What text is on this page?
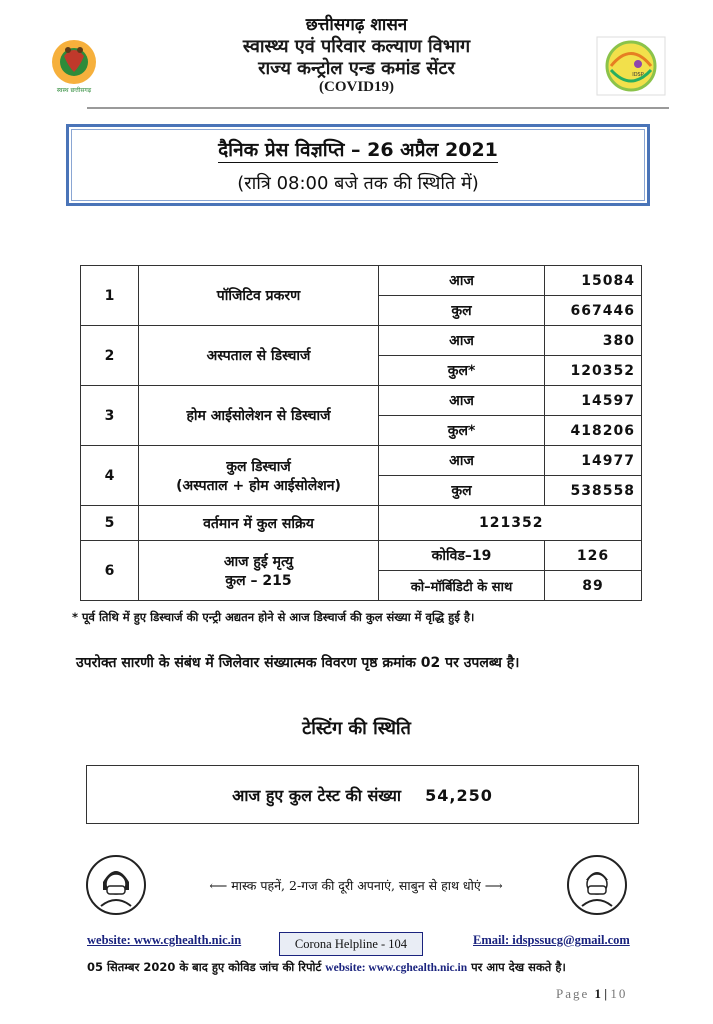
छत्तीसगढ़ शासन
स्वास्थ्य एवं परिवार कल्याण विभाग
राज्य कन्ट्रोल एन्ड कमांड सेंटर
(COVID19)
स्वस्थ छत्तीसगढ़
IDSP
दैनिक प्रेस विज्ञप्ति – 26 अप्रैल 2021
(रात्रि 08:00 बजे तक की स्थिति में)
1	पॉजिटिव प्रकरण	आज	15084
		कुल	667446
2	अस्पताल से डिस्चार्ज	आज	380
		कुल*	120352
3	होम आईसोलेशन से डिस्चार्ज	आज	14597
		कुल*	418206
4	कुल डिस्चार्ज
(अस्पताल + होम आईसोलेशन)	आज	14977
		कुल	538558
5	वर्तमान में कुल सक्रिय	121352	
6	आज हुई मृत्यु
कुल – 215	कोविड–19	126
		को–मॉर्बिडिटी के साथ	89
* पूर्व तिथि में हुए डिस्चार्ज की एन्ट्री अद्यतन होने से आज डिस्चार्ज की कुल संख्या में वृद्धि हुई है।
उपरोक्त सारणी के संबंध में जिलेवार संख्यात्मक विवरण पृष्ठ क्रमांक 02 पर उपलब्ध है।
टेस्टिंग की स्थिति
आज हुए कुल टेस्ट की संख्या 54,250
⟵ मास्क पहनें, 2-गज की दूरी अपनाएं, साबुन से हाथ धोएं ⟶
website: www.cghealth.nic.in	Corona Helpline - 104	Email: idspssucg@gmail.com
05 सितम्बर 2020 के बाद हुए कोविड जांच की रिपोर्ट website: www.cghealth.nic.in पर आप देख सकते है।
Page 1 | 10
